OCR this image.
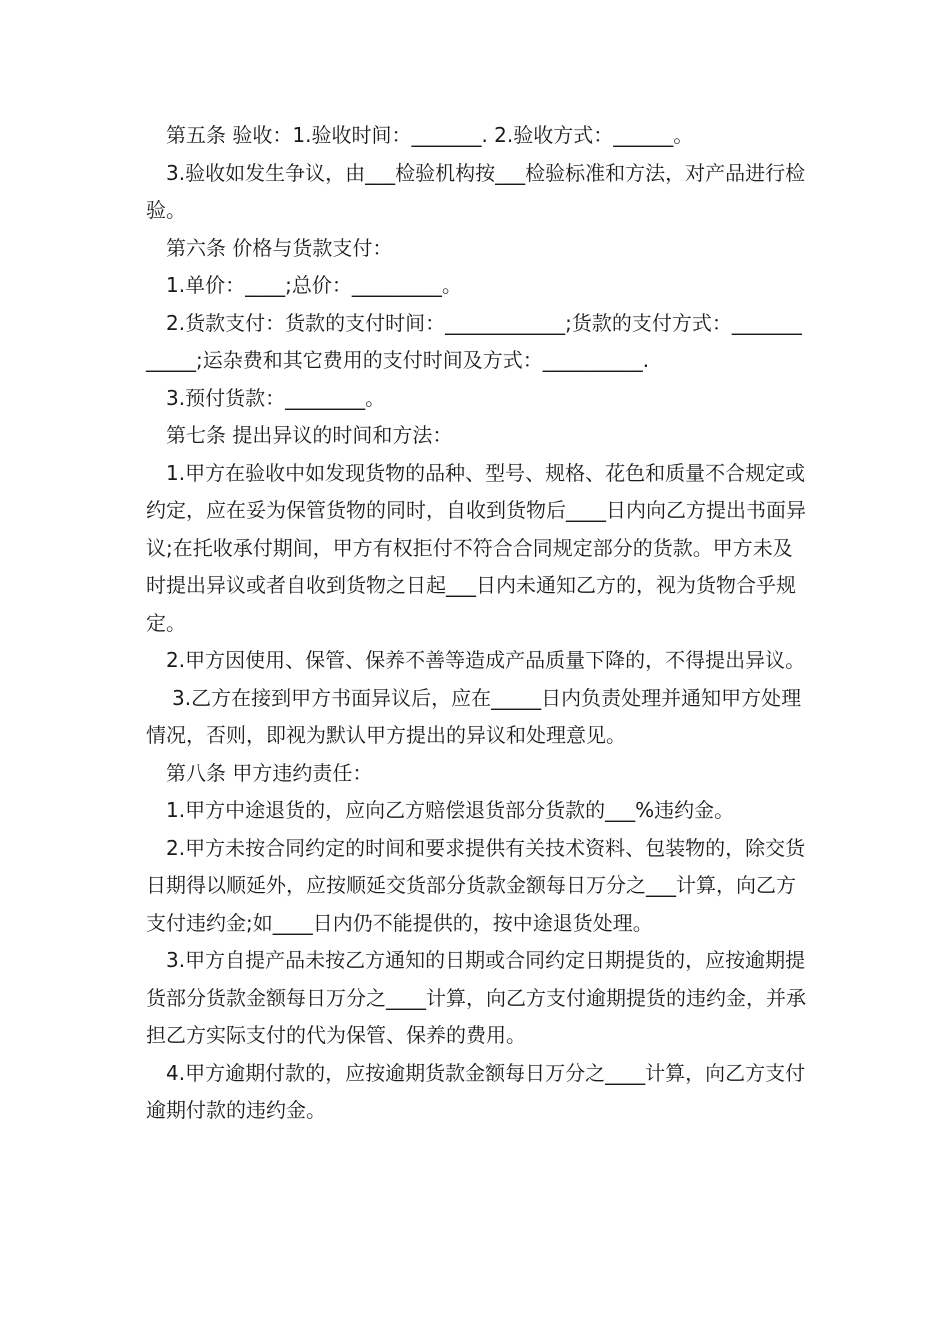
第五条 验收：1.验收时间：_______. 2.验收方式：______。

3.验收如发生争议，由___检验机构按___检验标准和方法，对产品进行检验。

第六条 价格与货款支付：

1.单价：____;总价：_________。

2.货款支付：货款的支付时间：____________;货款的支付方式：____________;运杂费和其它费用的支付时间及方式：__________.

3.预付货款：________。

第七条 提出异议的时间和方法：

1.甲方在验收中如发现货物的品种、型号、规格、花色和质量不合规定或约定，应在妥为保管货物的同时，自收到货物后____日内向乙方提出书面异议;在托收承付期间，甲方有权拒付不符合合同规定部分的货款。甲方未及时提出异议或者自收到货物之日起___日内未通知乙方的，视为货物合乎规定。

2.甲方因使用、保管、保养不善等造成产品质量下降的，不得提出异议。

3.乙方在接到甲方书面异议后，应在_____日内负责处理并通知甲方处理情况，否则，即视为默认甲方提出的异议和处理意见。

第八条 甲方违约责任：

1.甲方中途退货的，应向乙方赔偿退货部分货款的___%违约金。

2.甲方未按合同约定的时间和要求提供有关技术资料、包装物的，除交货日期得以顺延外，应按顺延交货部分货款金额每日万分之___计算，向乙方支付违约金;如____日内仍不能提供的，按中途退货处理。

3.甲方自提产品未按乙方通知的日期或合同约定日期提货的，应按逾期提货部分货款金额每日万分之____计算，向乙方支付逾期提货的违约金，并承担乙方实际支付的代为保管、保养的费用。

4.甲方逾期付款的，应按逾期货款金额每日万分之____计算，向乙方支付逾期付款的违约金。
